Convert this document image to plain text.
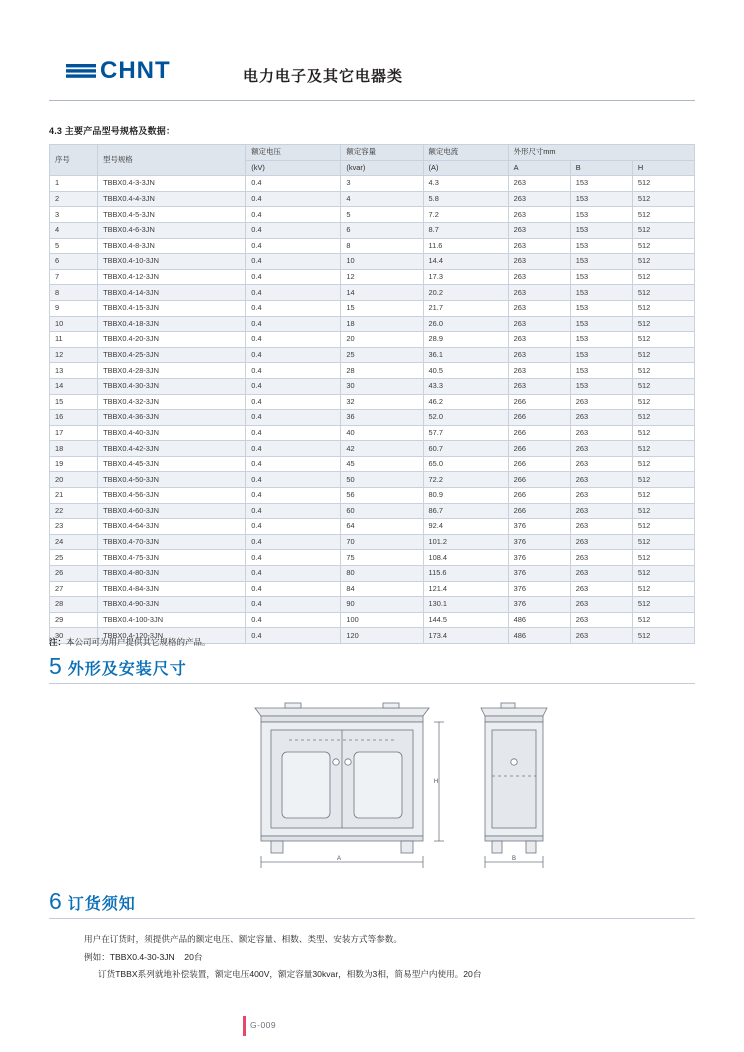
CHNT	电力电子及其它电器类
4.3 主要产品型号规格及数据：
序号	型号规格	额定电压	额定容量	额定电流	外形尺寸mm		
		(kV)	(kvar)	(A)	A	B	H
1	TBBX0.4-3-3JN	0.4	3	4.3	263	153	512
2	TBBX0.4-4-3JN	0.4	4	5.8	263	153	512
3	TBBX0.4-5-3JN	0.4	5	7.2	263	153	512
4	TBBX0.4-6-3JN	0.4	6	8.7	263	153	512
5	TBBX0.4-8-3JN	0.4	8	11.6	263	153	512
6	TBBX0.4-10-3JN	0.4	10	14.4	263	153	512
7	TBBX0.4-12-3JN	0.4	12	17.3	263	153	512
8	TBBX0.4-14-3JN	0.4	14	20.2	263	153	512
9	TBBX0.4-15-3JN	0.4	15	21.7	263	153	512
10	TBBX0.4-18-3JN	0.4	18	26.0	263	153	512
11	TBBX0.4-20-3JN	0.4	20	28.9	263	153	512
12	TBBX0.4-25-3JN	0.4	25	36.1	263	153	512
13	TBBX0.4-28-3JN	0.4	28	40.5	263	153	512
14	TBBX0.4-30-3JN	0.4	30	43.3	263	153	512
15	TBBX0.4-32-3JN	0.4	32	46.2	266	263	512
16	TBBX0.4-36-3JN	0.4	36	52.0	266	263	512
17	TBBX0.4-40-3JN	0.4	40	57.7	266	263	512
18	TBBX0.4-42-3JN	0.4	42	60.7	266	263	512
19	TBBX0.4-45-3JN	0.4	45	65.0	266	263	512
20	TBBX0.4-50-3JN	0.4	50	72.2	266	263	512
21	TBBX0.4-56-3JN	0.4	56	80.9	266	263	512
22	TBBX0.4-60-3JN	0.4	60	86.7	266	263	512
23	TBBX0.4-64-3JN	0.4	64	92.4	376	263	512
24	TBBX0.4-70-3JN	0.4	70	101.2	376	263	512
25	TBBX0.4-75-3JN	0.4	75	108.4	376	263	512
26	TBBX0.4-80-3JN	0.4	80	115.6	376	263	512
27	TBBX0.4-84-3JN	0.4	84	121.4	376	263	512
28	TBBX0.4-90-3JN	0.4	90	130.1	376	263	512
29	TBBX0.4-100-3JN	0.4	100	144.5	486	263	512
30	TBBX0.4-120-3JN	0.4	120	173.4	486	263	512
注：本公司可为用户提供其它规格的产品。
5 外形及安装尺寸
A
H
B
6 订货须知
用户在订货时，须提供产品的额定电压、额定容量、相数、类型、安装方式等参数。
例如：TBBX0.4-30-3JN    20台
订货TBBX系列就地补偿装置，额定电压400V，额定容量30kvar，相数为3相，简易型户内使用。20台
G-009
